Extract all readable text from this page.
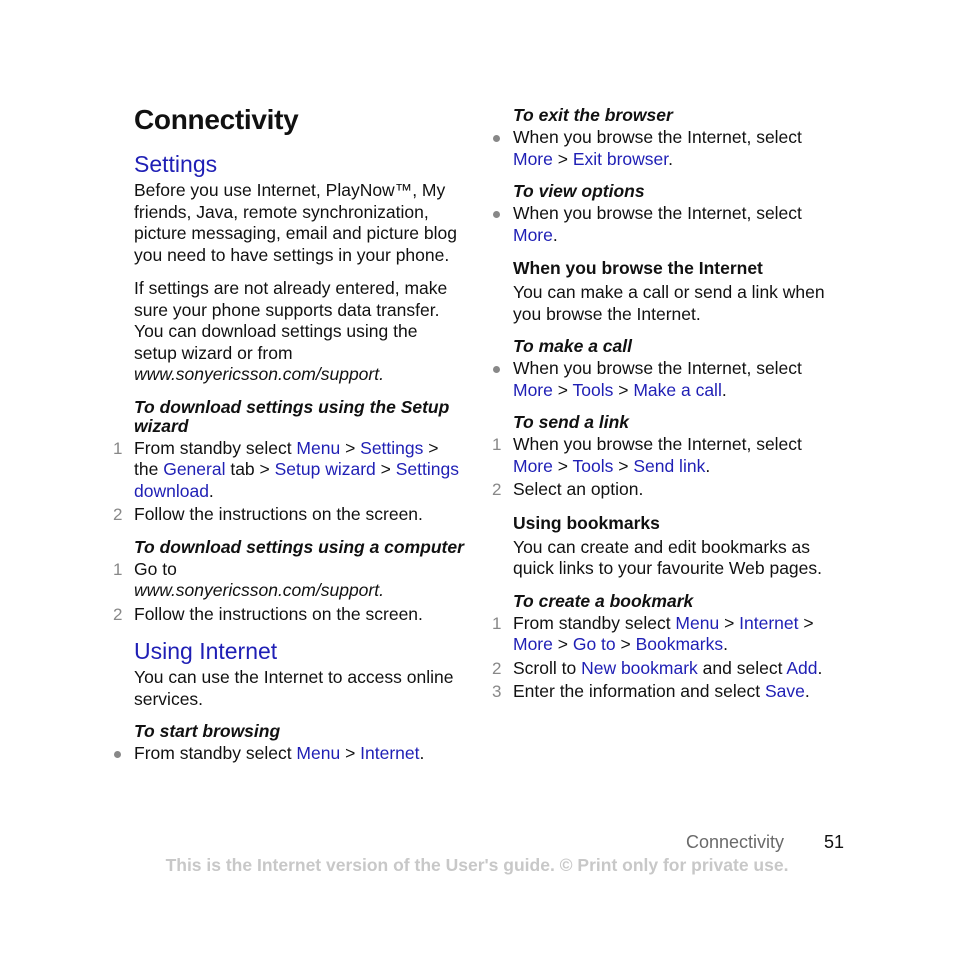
Connectivity
Settings

Before you use Internet, PlayNow™, My friends, Java, remote synchronization, picture messaging, email and picture blog you need to have settings in your phone.

If settings are not already entered, make sure your phone supports data transfer. You can download settings using the setup wizard or from www.sonyericsson.com/support.

To download settings using the Setup wizard
1 From standby select Menu > Settings > the General tab > Setup wizard > Settings download.
2 Follow the instructions on the screen.
To download settings using a computer
1 Go to
www.sonyericsson.com/support.
2 Follow the instructions on the screen.
Using Internet

You can use the Internet to access online services.

To start browsing
From standby select Menu > Internet.
To exit the browser
When you browse the Internet, select More > Exit browser.
To view options
When you browse the Internet, select More.
When you browse the Internet

You can make a call or send a link when you browse the Internet.

To make a call
When you browse the Internet, select More > Tools > Make a call.
To send a link
1 When you browse the Internet, select More > Tools > Send link.
2 Select an option.
Using bookmarks

You can create and edit bookmarks as quick links to your favourite Web pages.

To create a bookmark
1 From standby select Menu > Internet > More > Go to > Bookmarks.
2 Scroll to New bookmark and select Add.
3 Enter the information and select Save.
Connectivity 51
This is the Internet version of the User's guide. © Print only for private use.
